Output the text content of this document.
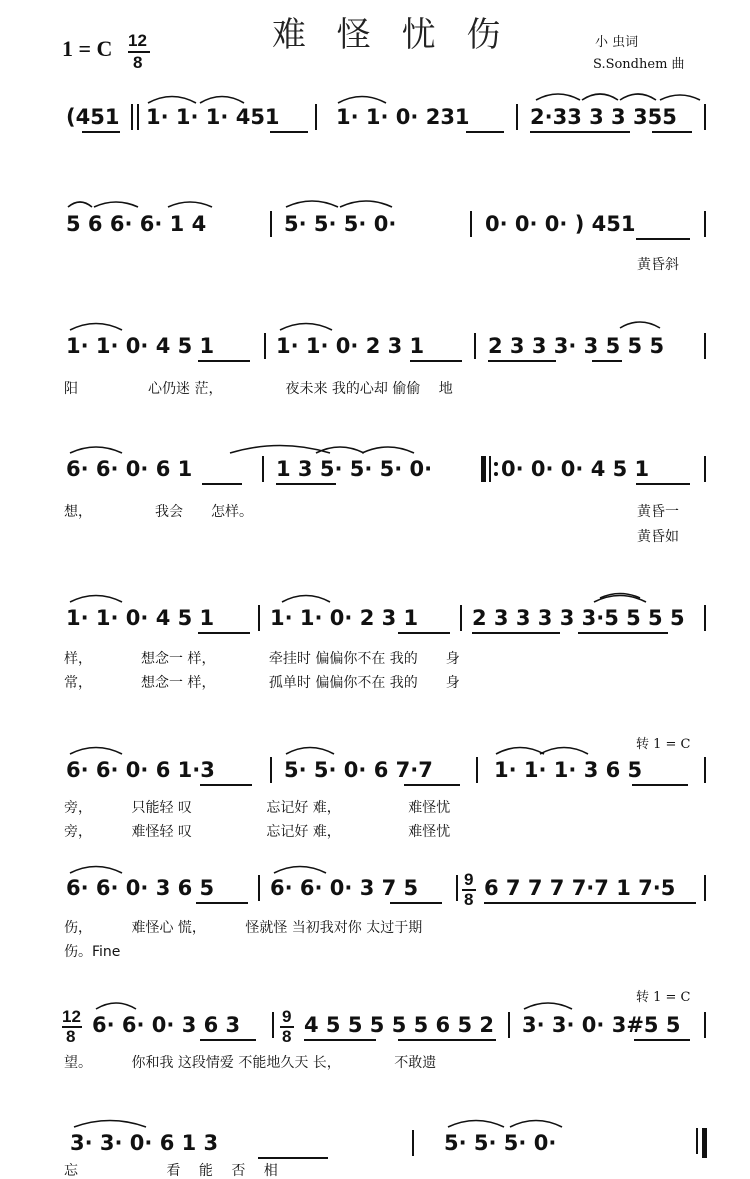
1 = C 12
8
难 怪 忧 伤	小 虫词
S.Sondhem 曲
(451 1· 1· 1· 451	1· 1· 0· 231	2·33 3 3 355
5 6 6· 6· 1 4	5· 5· 5· 0·	0· 0· 0· ) 451
黄昏斜
1· 1· 0· 4 5 1	1· 1· 0· 2 3 1	2 3 3 3· 3 5 5 5
阳　　　　　心仍迷 茫，　　　　　夜未来 我的心却 偷偷　 地
6· 6· 0· 6 1	1 3 5· 5· 5· 0·	0· 0· 0· 4 5 1
想，　　　　　我会　　怎样。	黄昏一
黄昏如
1· 1· 0· 4 5 1	1· 1· 0· 2 3 1	2 3 3 3 3 3·5 5 5 5
样，　　　　想念一 样，　　　　 牵挂时 偏偏你不在 我的　　身
常，　　　　想念一 样，　　　　 孤单时 偏偏你不在 我的　　身
转 1 = C
6· 6· 0· 6 1·3	5· 5· 0· 6 7·7	1· 1· 1· 3 6 5
旁，　　　 只能轻 叹　　　　　 忘记好 难，　　　　　 难怪忧
旁，　　　 难怪轻 叹　　　　　 忘记好 难，　　　　　 难怪忧
6· 6· 0· 3 6 5	6· 6· 0· 3 7 5	9
8 6 7 7 7 7·7 1 7·5
伤，　　　 难怪心 慌，　　　 怪就怪 当初我对你 太过于期
伤。Fine
转 1 = C
12
8 6· 6· 0· 3 6 3 9
8 4 5 5 5 5 5 6 5 2 3· 3· 0· 3#5 5
望。　　　 你和我 这段情爱 不能地久天 长，　　　　 不敢遗
3· 3· 0· 6 1 3	5· 5· 5· 0·
忘　　　　　　 看　 能　 否　 相
